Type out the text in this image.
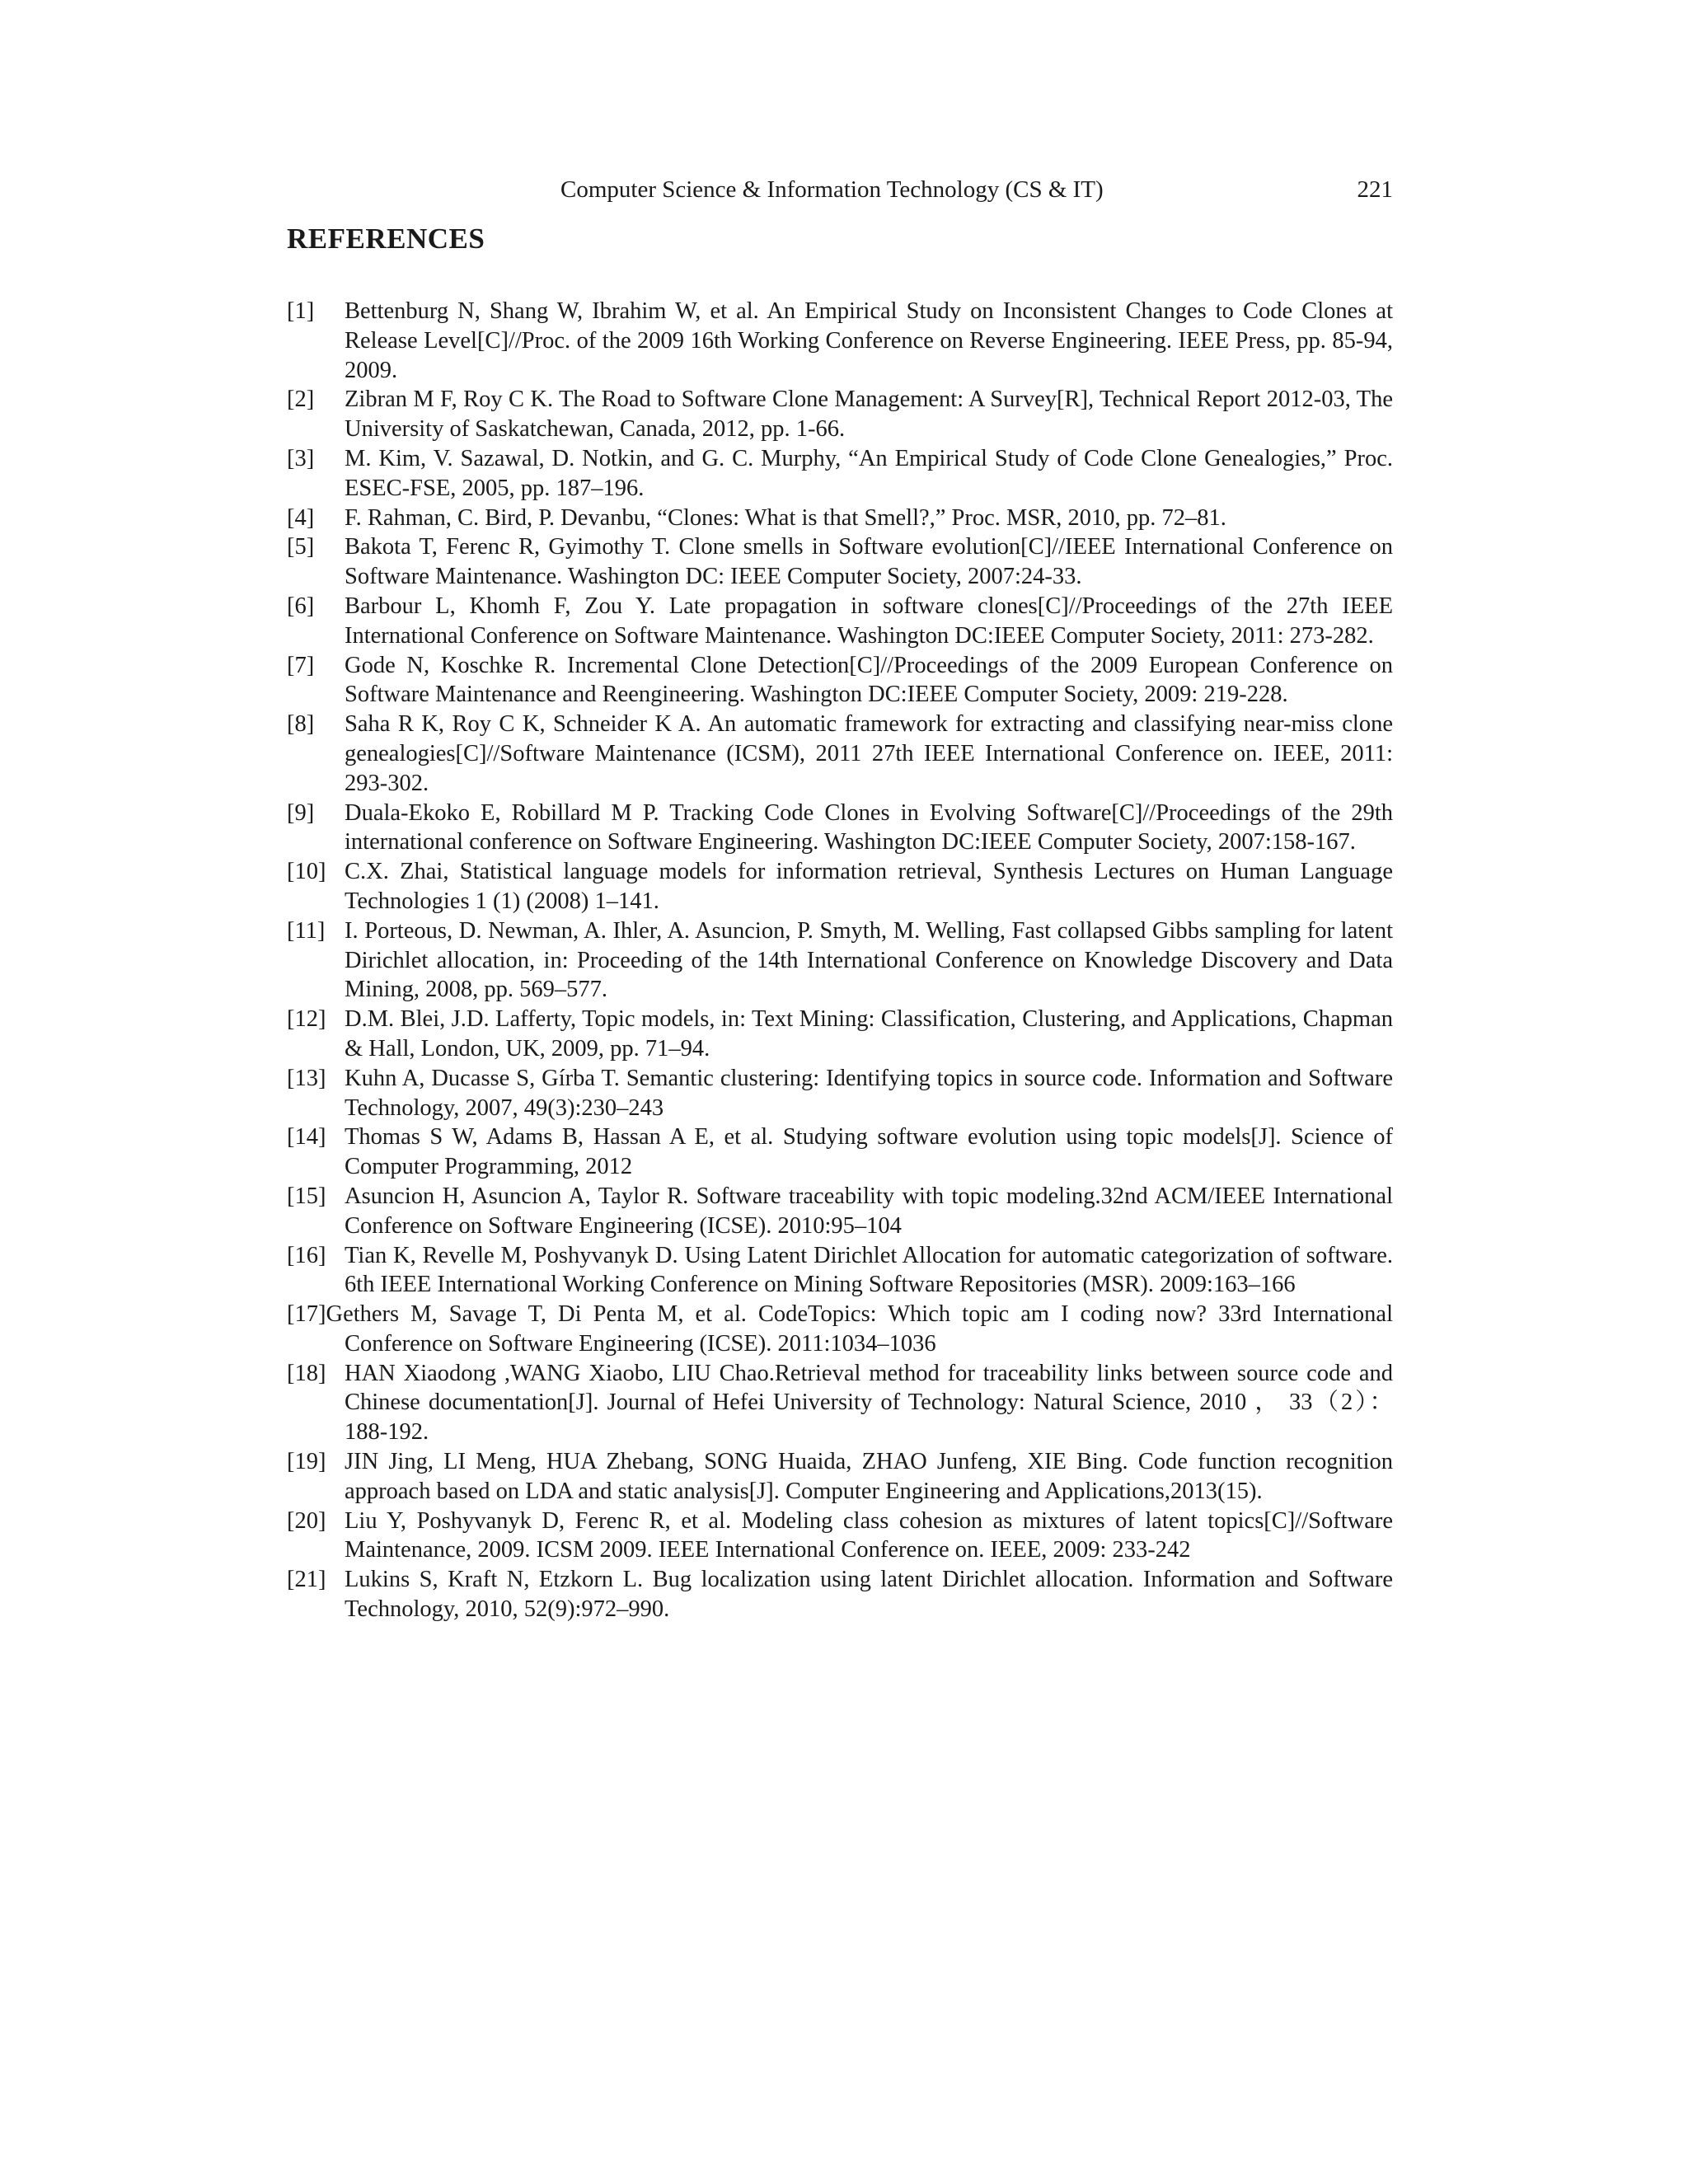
Computer Science & Information Technology (CS & IT)	221
REFERENCES
[1] Bettenburg N, Shang W, Ibrahim W, et al. An Empirical Study on Inconsistent Changes to Code Clones at Release Level[C]//Proc. of the 2009 16th Working Conference on Reverse Engineering. IEEE Press, pp. 85-94, 2009.
[2] Zibran M F, Roy C K. The Road to Software Clone Management: A Survey[R], Technical Report 2012-03, The University of Saskatchewan, Canada, 2012, pp. 1-66.
[3] M. Kim, V. Sazawal, D. Notkin, and G. C. Murphy, “An Empirical Study of Code Clone Genealogies,” Proc. ESEC-FSE, 2005, pp. 187–196.
[4] F. Rahman, C. Bird, P. Devanbu, “Clones: What is that Smell?,” Proc. MSR, 2010, pp. 72–81.
[5] Bakota T, Ferenc R, Gyimothy T. Clone smells in Software evolution[C]//IEEE International Conference on Software Maintenance. Washington DC: IEEE Computer Society, 2007:24-33.
[6] Barbour L, Khomh F, Zou Y. Late propagation in software clones[C]//Proceedings of the 27th IEEE International Conference on Software Maintenance. Washington DC:IEEE Computer Society, 2011: 273-282.
[7] Gode N, Koschke R. Incremental Clone Detection[C]//Proceedings of the 2009 European Conference on Software Maintenance and Reengineering. Washington DC:IEEE Computer Society, 2009: 219-228.
[8] Saha R K, Roy C K, Schneider K A. An automatic framework for extracting and classifying near-miss clone genealogies[C]//Software Maintenance (ICSM), 2011 27th IEEE International Conference on. IEEE, 2011: 293-302.
[9] Duala-Ekoko E, Robillard M P. Tracking Code Clones in Evolving Software[C]//Proceedings of the 29th international conference on Software Engineering. Washington DC:IEEE Computer Society, 2007:158-167.
[10] C.X. Zhai, Statistical language models for information retrieval, Synthesis Lectures on Human Language Technologies 1 (1) (2008) 1–141.
[11] I. Porteous, D. Newman, A. Ihler, A. Asuncion, P. Smyth, M. Welling, Fast collapsed Gibbs sampling for latent Dirichlet allocation, in: Proceeding of the 14th International Conference on Knowledge Discovery and Data Mining, 2008, pp. 569–577.
[12] D.M. Blei, J.D. Lafferty, Topic models, in: Text Mining: Classification, Clustering, and Applications, Chapman & Hall, London, UK, 2009, pp. 71–94.
[13] Kuhn A, Ducasse S, Gírba T. Semantic clustering: Identifying topics in source code. Information and Software Technology, 2007, 49(3):230–243
[14] Thomas S W, Adams B, Hassan A E, et al. Studying software evolution using topic models[J]. Science of Computer Programming, 2012
[15] Asuncion H, Asuncion A, Taylor R. Software traceability with topic modeling.32nd ACM/IEEE International Conference on Software Engineering (ICSE). 2010:95–104
[16] Tian K, Revelle M, Poshyvanyk D. Using Latent Dirichlet Allocation for automatic categorization of software. 6th IEEE International Working Conference on Mining Software Repositories (MSR). 2009:163–166
[17]Gethers M, Savage T, Di Penta M, et al. CodeTopics: Which topic am I coding now? 33rd International Conference on Software Engineering (ICSE). 2011:1034–1036
[18] HAN Xiaodong ,WANG Xiaobo, LIU Chao.Retrieval method for traceability links between source code and Chinese documentation[J]. Journal of Hefei University of Technology: Natural Science, 2010 ， 33（2）：188-192.
[19] JIN Jing, LI Meng, HUA Zhebang, SONG Huaida, ZHAO Junfeng, XIE Bing. Code function recognition approach based on LDA and static analysis[J]. Computer Engineering and Applications,2013(15).
[20] Liu Y, Poshyvanyk D, Ferenc R, et al. Modeling class cohesion as mixtures of latent topics[C]//Software Maintenance, 2009. ICSM 2009. IEEE International Conference on. IEEE, 2009: 233-242
[21] Lukins S, Kraft N, Etzkorn L. Bug localization using latent Dirichlet allocation. Information and Software Technology, 2010, 52(9):972–990.
